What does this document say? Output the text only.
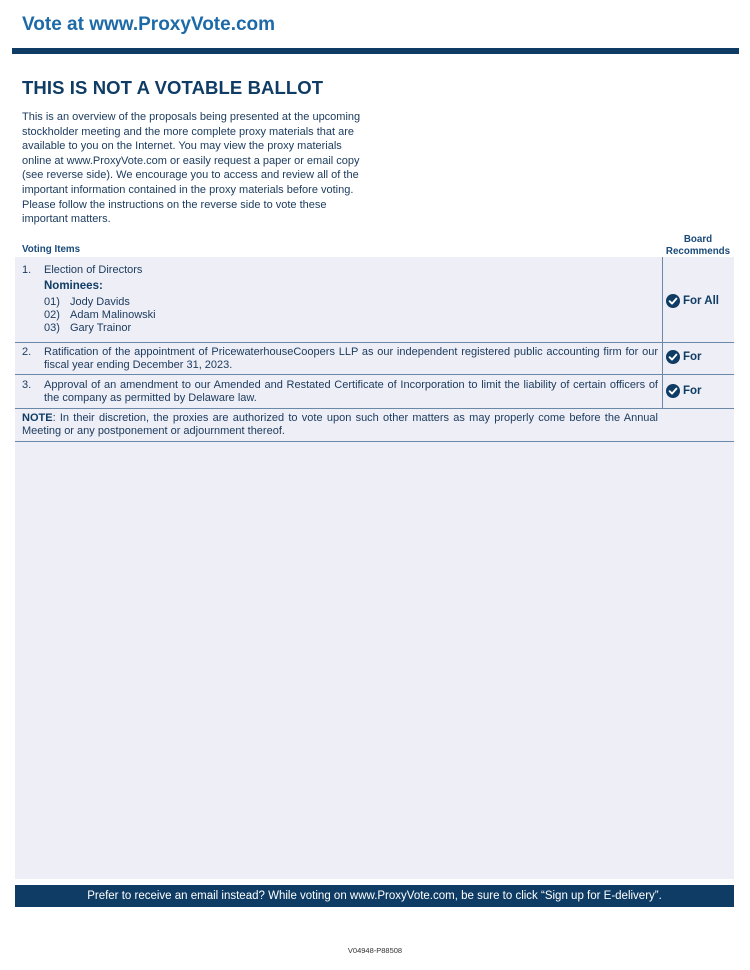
Vote at www.ProxyVote.com
THIS IS NOT A VOTABLE BALLOT
This is an overview of the proposals being presented at the upcoming stockholder meeting and the more complete proxy materials that are available to you on the Internet. You may view the proxy materials online at www.ProxyVote.com or easily request a paper or email copy (see reverse side). We encourage you to access and review all of the important information contained in the proxy materials before voting. Please follow the instructions on the reverse side to vote these important matters.
Voting Items
Board
Recommends
1. Election of Directors
Nominees:
01) Jody Davids
02) Adam Malinowski
03) Gary Trainor
For All
2. Ratification of the appointment of PricewaterhouseCoopers LLP as our independent registered public accounting firm for our fiscal year ending December 31, 2023.
For
3. Approval of an amendment to our Amended and Restated Certificate of Incorporation to limit the liability of certain officers of the company as permitted by Delaware law.
For
NOTE: In their discretion, the proxies are authorized to vote upon such other matters as may properly come before the Annual Meeting or any postponement or adjournment thereof.
Prefer to receive an email instead? While voting on www.ProxyVote.com, be sure to click “Sign up for E-delivery”.
V04948-P88508
